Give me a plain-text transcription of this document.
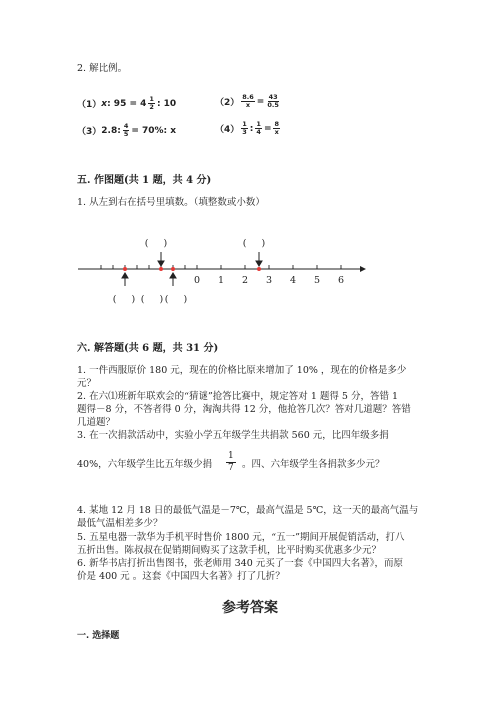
2. 解比例。
（1） x : $95 = 4 \frac{1}{2}$ : 10	$(2) \frac{8.6}{x} = \frac{43}{0.5}$
（3） 2.8: $\frac{4}{5} = 70\%$: x	$(4) \frac{1}{3}$ : $\frac{1}{4} = \frac{8}{x}$
五. 作图题(共 1 题，共 4 分)
1. 从左到右在括号里填数。（填整数或小数）
0 1 2 3 4 5 6
(     )	(     )
(     ) (     ) (     )
六. 解答题(共 6 题，共 31 分)
1. 一件西服原价 180 元，现在的价格比原来增加了 10% ，现在的价格是多少
元？
2. 在六⑴班新年联欢会的“猜谜”抢答比赛中，规定答对 1 题得 5 分，答错 1
题得－8 分，不答者得 0 分，淘淘共得 12 分，他抢答几次？答对几道题？答错
几道题？
3. 在一次捐款活动中，实验小学五年级学生共捐款 560 元，比四年级多捐
40%，六年级学生比五年级少捐 $\frac{1}{7}$ 。四、六年级学生各捐款多少元？
4. 某地 12 月 18 日的最低气温是－7℃，最高气温是 5℃，这一天的最高气温与
最低气温相差多少？
5. 五星电器一款华为手机平时售价 1800 元，“五一”期间开展促销活动，打八
五折出售。陈叔叔在促销期间购买了这款手机，比平时购买优惠多少元？
6. 新华书店打折出售图书，张老师用 340 元买了一套《中国四大名著》，而原
价是 400 元 。这套《中国四大名著》打了几折？
参考答案
一. 选择题
